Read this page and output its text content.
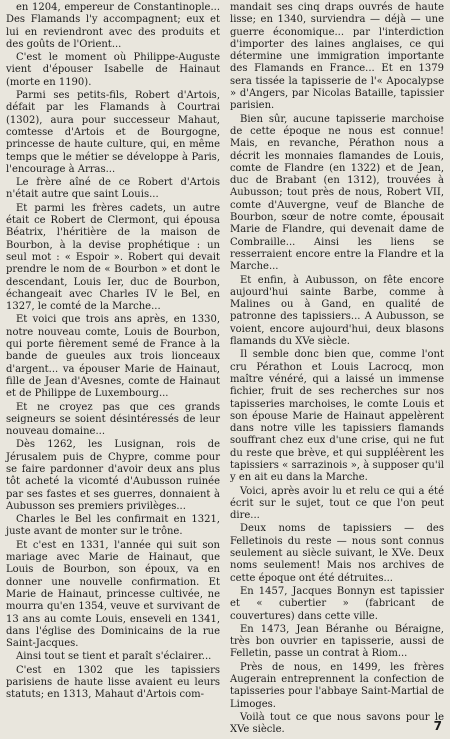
en 1204, empereur de Constantinople... Des Flamands l'y accompagnent; eux et lui en reviendront avec des produits et des goûts de l'Orient...

C'est le moment où Philippe-Auguste vient d'épouser Isabelle de Hainaut (morte en 1190).

Parmi ses petits-fils, Robert d'Artois, défait par les Flamands à Courtrai (1302), aura pour successeur Mahaut, comtesse d'Artois et de Bourgogne, princesse de haute culture, qui, en même temps que le métier se développe à Paris, l'encourage à Arras...

Le frère aîné de ce Robert d'Artois n'était autre que saint Louis...

Et parmi les frères cadets, un autre était ce Robert de Clermont, qui épousa Béatrix, l'héritière de la maison de Bourbon, à la devise prophétique : un seul mot : « Espoir ». Robert qui devait prendre le nom de « Bourbon » et dont le descendant, Louis Ier, duc de Bourbon, échangeait avec Charles IV le Bel, en 1327, le comté de la Marche...

Et voici que trois ans après, en 1330, notre nouveau comte, Louis de Bourbon, qui porte fièrement semé de France à la bande de gueules aux trois lionceaux d'argent... va épouser Marie de Hainaut, fille de Jean d'Avesnes, comte de Hainaut et de Philippe de Luxembourg...

Et ne croyez pas que ces grands seigneurs se soient désintéressés de leur nouveau domaine...

Dès 1262, les Lusignan, rois de Jérusalem puis de Chypre, comme pour se faire pardonner d'avoir deux ans plus tôt acheté la vicomté d'Aubusson ruinée par ses fastes et ses guerres, donnaient à Aubusson ses premiers privilèges...

Charles le Bel les confirmait en 1321, juste avant de monter sur le trône.

Et c'est en 1331, l'année qui suit son mariage avec Marie de Hainaut, que Louis de Bourbon, son époux, va en donner une nouvelle confirmation. Et Marie de Hainaut, princesse cultivée, ne mourra qu'en 1354, veuve et survivant de 13 ans au comte Louis, enseveli en 1341, dans l'église des Dominicains de la rue Saint-Jacques.

Ainsi tout se tient et paraît s'éclairer...

C'est en 1302 que les tapissiers parisiens de haute lisse avaient eu leurs statuts; en 1313, Mahaut d'Artois com-

mandait ses cinq draps ouvrés de haute lisse; en 1340, surviendra — déjà — une guerre économique... par l'interdiction d'importer des laines anglaises, ce qui détermine une immigration importante des Flamands en France... Et en 1379 sera tissée la tapisserie de l'« Apocalypse » d'Angers, par Nicolas Bataille, tapissier parisien.

Bien sûr, aucune tapisserie marchoise de cette époque ne nous est connue! Mais, en revanche, Pérathon nous a décrit les monnaies flamandes de Louis, comte de Flandre (en 1322) et de Jean, duc de Brabant (en 1312), trouvées à Aubusson; tout près de nous, Robert VII, comte d'Auvergne, veuf de Blanche de Bourbon, sœur de notre comte, épousait Marie de Flandre, qui devenait dame de Combraille... Ainsi les liens se resserraient encore entre la Flandre et la Marche...

Et enfin, à Aubusson, on fête encore aujourd'hui sainte Barbe, comme à Malines ou à Gand, en qualité de patronne des tapissiers... A Aubusson, se voient, encore aujourd'hui, deux blasons flamands du XVe siècle.

Il semble donc bien que, comme l'ont cru Pérathon et Louis Lacrocq, mon maître vénéré, qui a laissé un immense fichier, fruit de ses recherches sur nos tapisseries marchoises, le comte Louis et son épouse Marie de Hainaut appelèrent dans notre ville les tapissiers flamands souffrant chez eux d'une crise, qui ne fut du reste que brève, et qui suppléèrent les tapissiers « sarrazinois », à supposer qu'il y en ait eu dans la Marche.

Voici, après avoir lu et relu ce qui a été écrit sur le sujet, tout ce que l'on peut dire...

Deux noms de tapissiers — des Felletinois du reste — nous sont connus seulement au siècle suivant, le XVe. Deux noms seulement! Mais nos archives de cette époque ont été détruites...

En 1457, Jacques Bonnyn est tapissier et « cubertier » (fabricant de couvertures) dans cette ville.

En 1473, Jean Béranhe ou Béraigne, très bon ouvrier en tapisserie, aussi de Felletin, passe un contrat à Riom...

Près de nous, en 1499, les frères Augerain entreprennent la confection de tapisseries pour l'abbaye Saint-Martial de Limoges.

Voilà tout ce que nous savons pour le XVe siècle.	7
